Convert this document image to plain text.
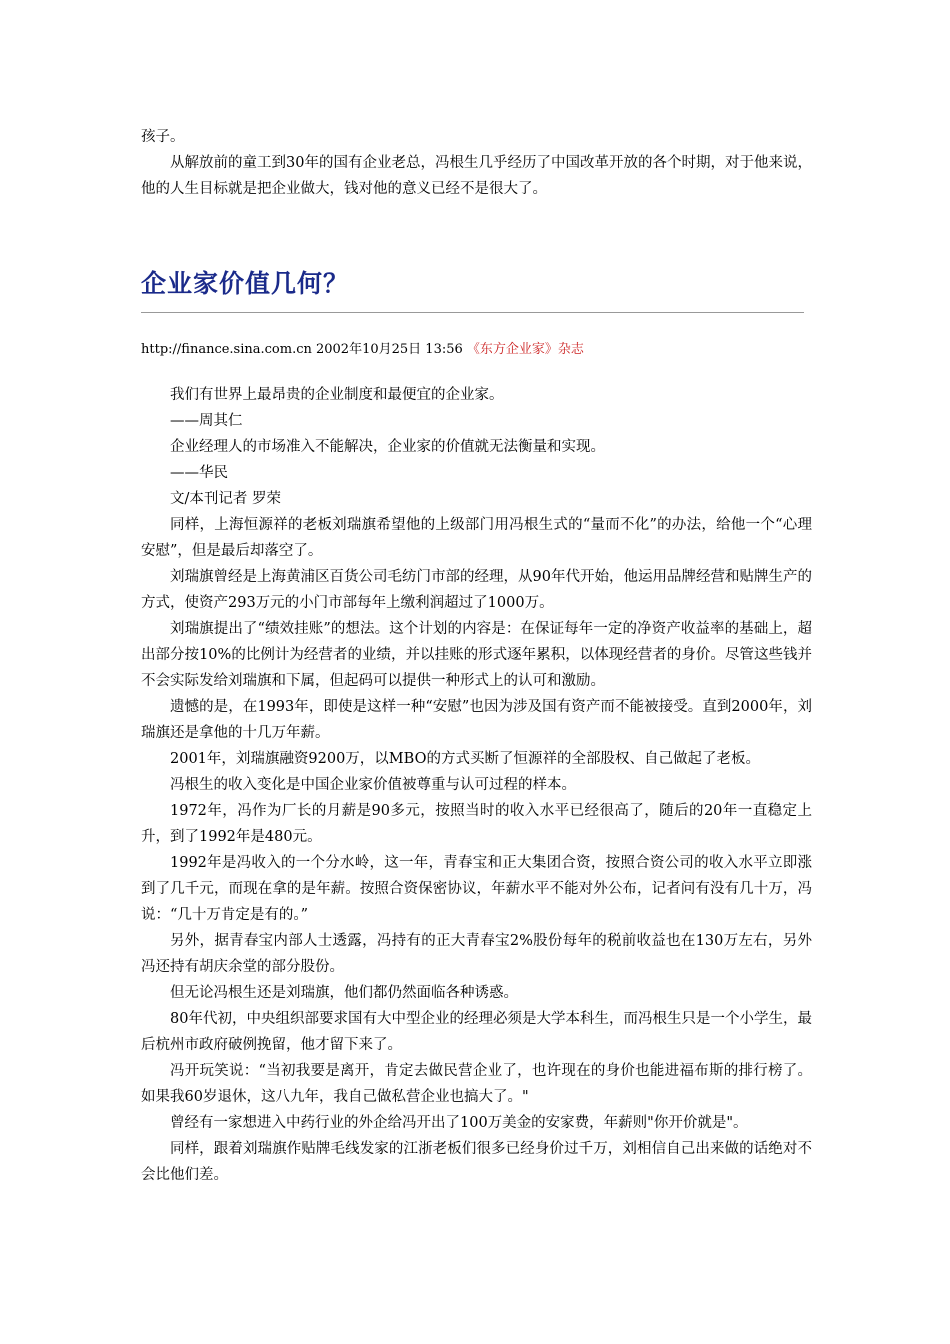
孩子。

从解放前的童工到30年的国有企业老总，冯根生几乎经历了中国改革开放的各个时期，对于他来说，他的人生目标就是把企业做大，钱对他的意义已经不是很大了。

企业家价值几何？

http://finance.sina.com.cn 2002年10月25日 13:56 《东方企业家》杂志

我们有世界上最昂贵的企业制度和最便宜的企业家。

——周其仁

企业经理人的市场准入不能解决，企业家的价值就无法衡量和实现。

——华民

文/本刊记者 罗荣

同样，上海恒源祥的老板刘瑞旗希望他的上级部门用冯根生式的“量而不化”的办法，给他一个“心理安慰”，但是最后却落空了。

刘瑞旗曾经是上海黄浦区百货公司毛纺门市部的经理，从90年代开始，他运用品牌经营和贴牌生产的方式，使资产293万元的小门市部每年上缴利润超过了1000万。

刘瑞旗提出了“绩效挂账”的想法。这个计划的内容是：在保证每年一定的净资产收益率的基础上，超出部分按10%的比例计为经营者的业绩，并以挂账的形式逐年累积，以体现经营者的身价。尽管这些钱并不会实际发给刘瑞旗和下属，但起码可以提供一种形式上的认可和激励。

遗憾的是，在1993年，即使是这样一种“安慰”也因为涉及国有资产而不能被接受。直到2000年，刘瑞旗还是拿他的十几万年薪。

2001年，刘瑞旗融资9200万，以MBO的方式买断了恒源祥的全部股权、自己做起了老板。

冯根生的收入变化是中国企业家价值被尊重与认可过程的样本。

1972年，冯作为厂长的月薪是90多元，按照当时的收入水平已经很高了，随后的20年一直稳定上升，到了1992年是480元。

1992年是冯收入的一个分水岭，这一年，青春宝和正大集团合资，按照合资公司的收入水平立即涨到了几千元，而现在拿的是年薪。按照合资保密协议，年薪水平不能对外公布，记者问有没有几十万，冯说：“几十万肯定是有的。”

另外，据青春宝内部人士透露，冯持有的正大青春宝2%股份每年的税前收益也在130万左右，另外冯还持有胡庆余堂的部分股份。

但无论冯根生还是刘瑞旗，他们都仍然面临各种诱惑。

80年代初，中央组织部要求国有大中型企业的经理必须是大学本科生，而冯根生只是一个小学生，最后杭州市政府破例挽留，他才留下来了。

冯开玩笑说：“当初我要是离开，肯定去做民营企业了，也许现在的身价也能进福布斯的排行榜了。如果我60岁退休，这八九年，我自己做私营企业也搞大了。"

曾经有一家想进入中药行业的外企给冯开出了100万美金的安家费，年薪则"你开价就是"。

同样，跟着刘瑞旗作贴牌毛线发家的江浙老板们很多已经身价过千万，刘相信自己出来做的话绝对不会比他们差。
